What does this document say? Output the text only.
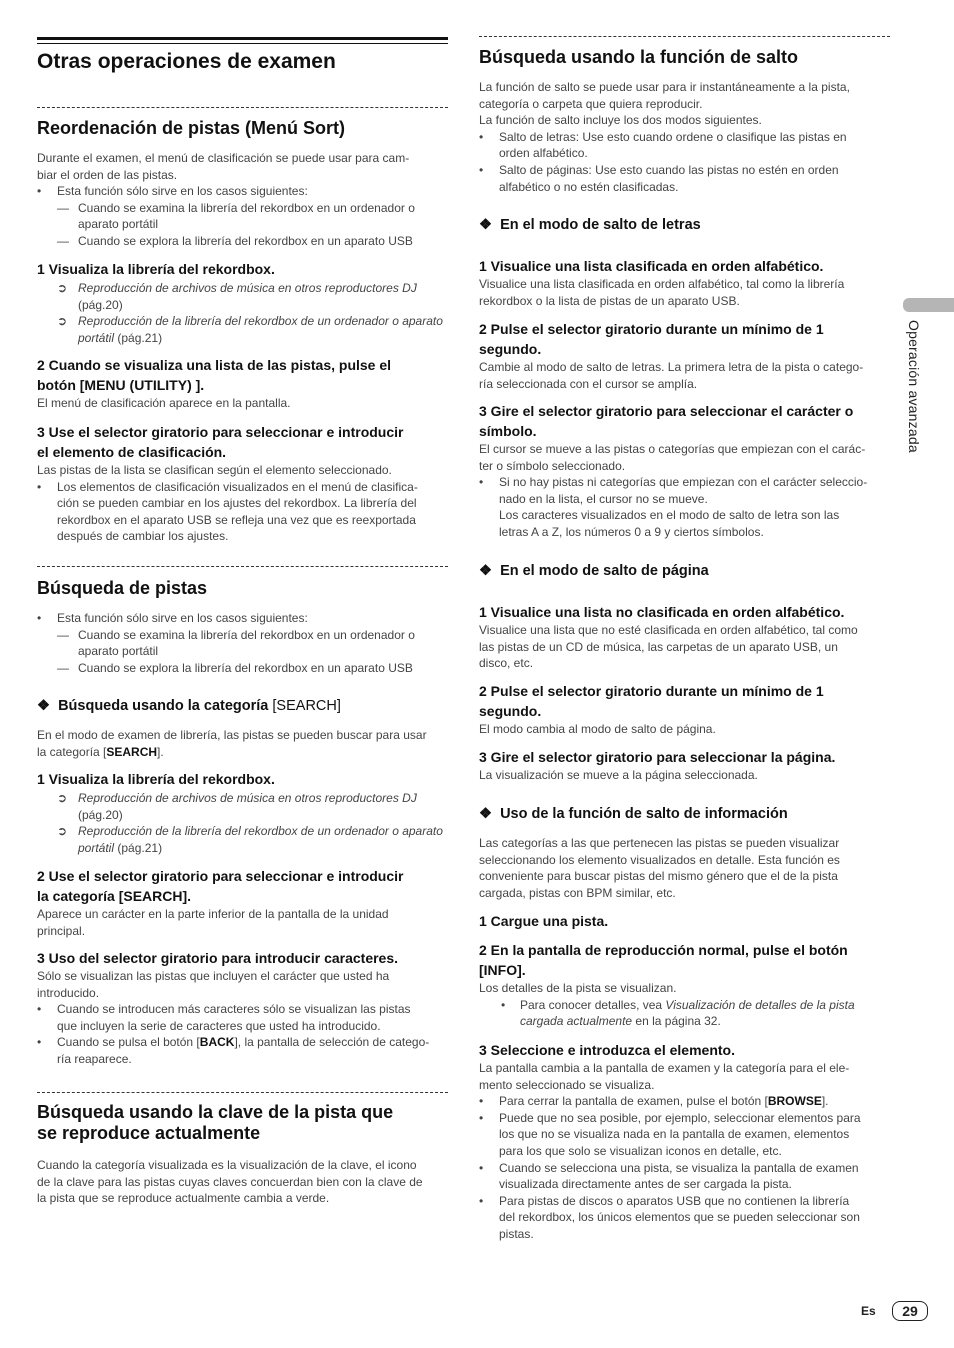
Otras operaciones de examen
Reordenación de pistas (Menú Sort)

Durante el examen, el menú de clasificación se puede usar para cam-

biar el orden de las pistas.

• Esta función sólo sirve en los casos siguientes:
— Cuando se examina la librería del rekordbox en un ordenador o
aparato portátil
— Cuando se explora la librería del rekordbox en un aparato USB

1 Visualiza la librería del rekordbox.

➲ Reproducción de archivos de música en otros reproductores DJ
(pág.20)
➲ Reproducción de la librería del rekordbox de un ordenador o aparato
portátil (pág.21)

2 Cuando se visualiza una lista de las pistas, pulse el

botón [MENU (UTILITY) ].

El menú de clasificación aparece en la pantalla.

3 Use el selector giratorio para seleccionar e introducir

el elemento de clasificación.

Las pistas de la lista se clasifican según el elemento seleccionado.

• Los elementos de clasificación visualizados en el menú de clasifica-
ción se pueden cambiar en los ajustes del rekordbox. La librería del
rekordbox en el aparato USB se refleja una vez que es reexportada
después de cambiar los ajustes.
Búsqueda de pistas
• Esta función sólo sirve en los casos siguientes:
— Cuando se examina la librería del rekordbox en un ordenador o
aparato portátil
— Cuando se explora la librería del rekordbox en un aparato USB

❖ Búsqueda usando la categoría [SEARCH]

En el modo de examen de librería, las pistas se pueden buscar para usar

la categoría [SEARCH].

1 Visualiza la librería del rekordbox.

➲ Reproducción de archivos de música en otros reproductores DJ
(pág.20)
➲ Reproducción de la librería del rekordbox de un ordenador o aparato
portátil (pág.21)

2 Use el selector giratorio para seleccionar e introducir

la categoría [SEARCH].

Aparece un carácter en la parte inferior de la pantalla de la unidad

principal.

3 Uso del selector giratorio para introducir caracteres.

Sólo se visualizan las pistas que incluyen el carácter que usted ha

introducido.

• Cuando se introducen más caracteres sólo se visualizan las pistas
que incluyen la serie de caracteres que usted ha introducido.
• Cuando se pulsa el botón [BACK], la pantalla de selección de catego-
ría reaparece.
Búsqueda usando la clave de la pista que
se reproduce actualmente

Cuando la categoría visualizada es la visualización de la clave, el icono

de la clave para las pistas cuyas claves concuerdan bien con la clave de

la pista que se reproduce actualmente cambia a verde.

Búsqueda usando la función de salto

La función de salto se puede usar para ir instantáneamente a la pista,

categoría o carpeta que quiera reproducir.

La función de salto incluye los dos modos siguientes.

• Salto de letras: Use esto cuando ordene o clasifique las pistas en
orden alfabético.
• Salto de páginas: Use esto cuando las pistas no estén en orden
alfabético o no estén clasificadas.

❖ En el modo de salto de letras

1 Visualice una lista clasificada en orden alfabético.

Visualice una lista clasificada en orden alfabético, tal como la librería

rekordbox o la lista de pistas de un aparato USB.

2 Pulse el selector giratorio durante un mínimo de 1

segundo.

Cambie al modo de salto de letras. La primera letra de la pista o catego-

ría seleccionada con el cursor se amplía.

3 Gire el selector giratorio para seleccionar el carácter o

símbolo.

El cursor se mueve a las pistas o categorías que empiezan con el carác-

ter o símbolo seleccionado.

• Si no hay pistas ni categorías que empiezan con el carácter seleccio-
nado en la lista, el cursor no se mueve.
Los caracteres visualizados en el modo de salto de letra son las
letras A a Z, los números 0 a 9 y ciertos símbolos.

❖ En el modo de salto de página

1 Visualice una lista no clasificada en orden alfabético.

Visualice una lista que no esté clasificada en orden alfabético, tal como

las pistas de un CD de música, las carpetas de un aparato USB, un

disco, etc.

2 Pulse el selector giratorio durante un mínimo de 1

segundo.

El modo cambia al modo de salto de página.

3 Gire el selector giratorio para seleccionar la página.

La visualización se mueve a la página seleccionada.

❖ Uso de la función de salto de información

Las categorías a las que pertenecen las pistas se pueden visualizar

seleccionando los elemento visualizados en detalle. Esta función es

conveniente para buscar pistas del mismo género que el de la pista

cargada, pistas con BPM similar, etc.

1 Cargue una pista.

2 En la pantalla de reproducción normal, pulse el botón

[INFO].

Los detalles de la pista se visualizan.

• Para conocer detalles, vea Visualización de detalles de la pista
cargada actualmente en la página 32.

3 Seleccione e introduzca el elemento.

La pantalla cambia a la pantalla de examen y la categoría para el ele-

mento seleccionado se visualiza.

• Para cerrar la pantalla de examen, pulse el botón [BROWSE].
• Puede que no sea posible, por ejemplo, seleccionar elementos para
los que no se visualiza nada en la pantalla de examen, elementos
para los que solo se visualizan iconos en detalle, etc.
• Cuando se selecciona una pista, se visualiza la pantalla de examen
visualizada directamente antes de ser cargada la pista.
• Para pistas de discos o aparatos USB que no contienen la librería
del rekordbox, los únicos elementos que se pueden seleccionar son
pistas.
Operación avanzada
Es	29
